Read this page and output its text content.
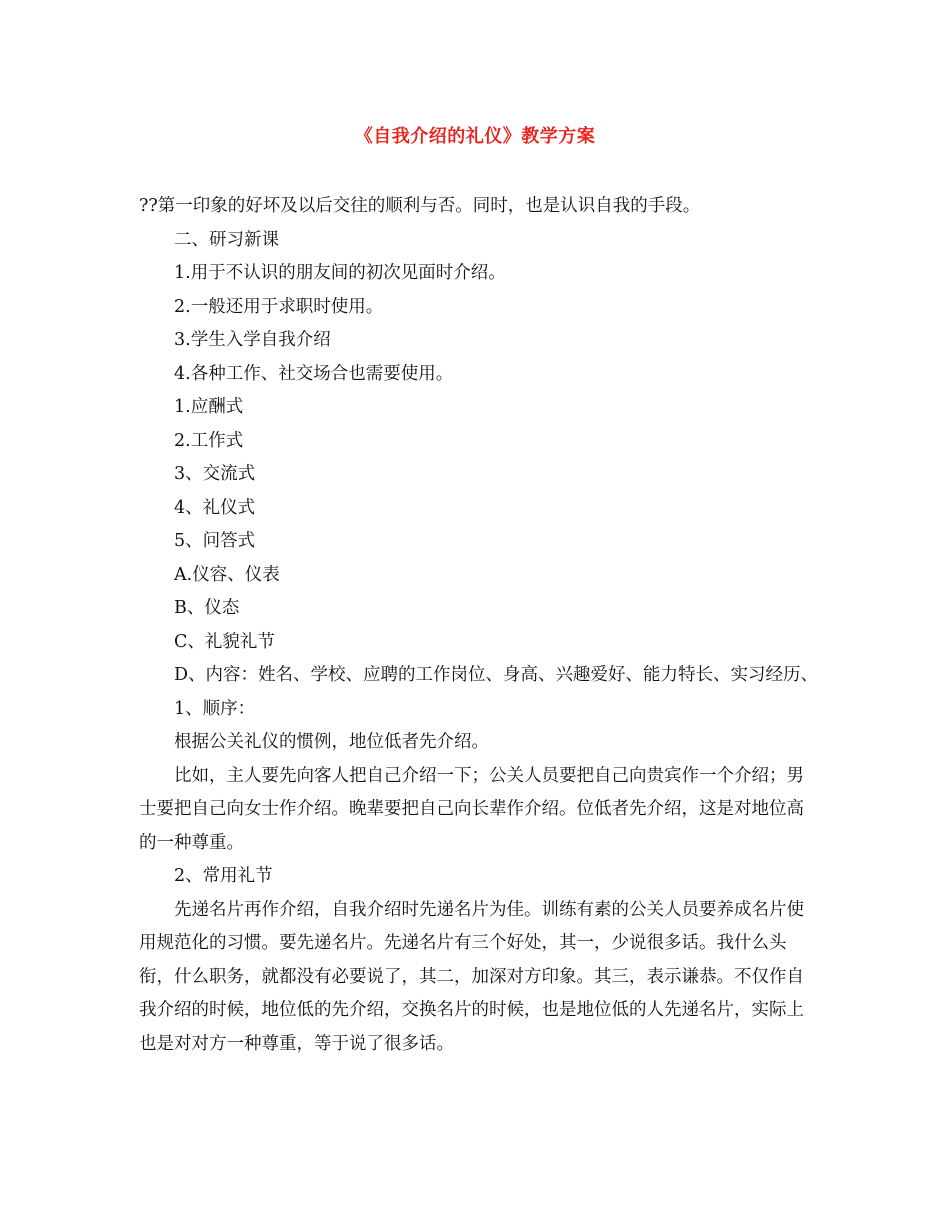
《自我介绍的礼仪》教学方案

??第一印象的好坏及以后交往的顺利与否。同时，也是认识自我的手段。

二、研习新课

1.用于不认识的朋友间的初次见面时介绍。

2.一般还用于求职时使用。

3.学生入学自我介绍

4.各种工作、社交场合也需要使用。

1.应酬式

2.工作式

3、交流式

4、礼仪式

5、问答式

A.仪容、仪表

B、仪态

C、礼貌礼节

D、内容：姓名、学校、应聘的工作岗位、身高、兴趣爱好、能力特长、实习经历、

1、顺序：

根据公关礼仪的惯例，地位低者先介绍。

比如，主人要先向客人把自己介绍一下；公关人员要把自己向贵宾作一个介绍；男士要把自己向女士作介绍。晚辈要把自己向长辈作介绍。位低者先介绍，这是对地位高的一种尊重。

2、常用礼节

先递名片再作介绍，自我介绍时先递名片为佳。训练有素的公关人员要养成名片使用规范化的习惯。要先递名片。先递名片有三个好处，其一，少说很多话。我什么头衔，什么职务，就都没有必要说了，其二，加深对方印象。其三，表示谦恭。不仅作自我介绍的时候，地位低的先介绍，交换名片的时候，也是地位低的人先递名片，实际上也是对对方一种尊重，等于说了很多话。
